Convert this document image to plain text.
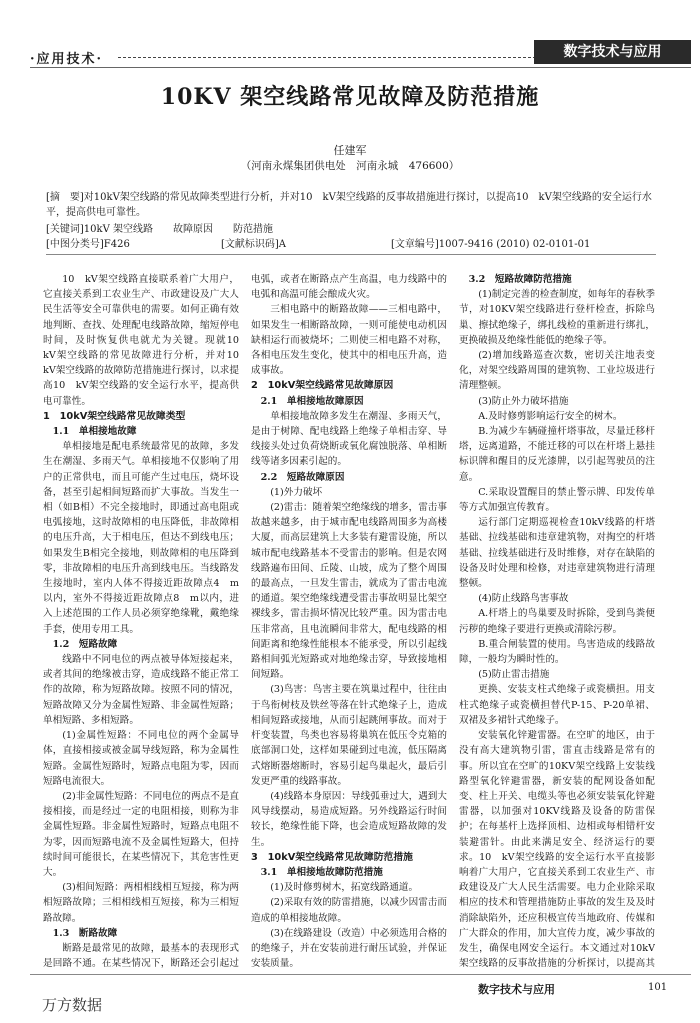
·应用技术·	数字技术与应用
10KV 架空线路常见故障及防范措施
任建军
（河南永煤集团供电处　河南永城　476600）
[摘　要]对10kV架空线路的常见故障类型进行分析，并对10　kV架空线路的反事故措施进行探讨，以提高10　kV架空线路的安全运行水平，提高供电可靠性。
[关键词]10kV 架空线路　　故障原因　　防范措施
[中图分类号]F426	[文献标识码]A	[文章编号]1007-9416 (2010) 02-0101-01

10　kV架空线路直接联系着广大用户，它直接关系到工农业生产、市政建设及广大人民生活等安全可靠供电的需要。如何正确有效地判断、查找、处理配电线路故障，缩短停电时间，及时恢复供电就尤为关键。现就10　kV架空线路的常见故障进行分析，并对10　kV架空线路的故障防范措施进行探讨，以求提高10　kV架空线路的安全运行水平，提高供电可靠性。

1　10kV架空线路常见故障类型
1.1　单相接地故障

单相接地是配电系统最常见的故障，多发生在潮湿、多雨天气。单相接地不仅影响了用户的正常供电，而且可能产生过电压，烧坏设备，甚至引起相间短路而扩大事故。当发生一相（如B相）不完全接地时，即通过高电阻或电弧接地，这时故障相的电压降低，非故障相的电压升高，大于相电压，但达不到线电压；如果发生B相完全接地，则故障相的电压降到零，非故障相的电压升高到线电压。当线路发生接地时，室内人体不得接近距故障点4　m以内，室外不得接近距故障点8　m以内，进入上述范围的工作人员必须穿绝缘靴，戴绝缘手套，使用专用工具。

1.2　短路故障

线路中不同电位的两点被导体短接起来，或者其间的绝缘被击穿，造成线路不能正常工作的故障，称为短路故障。按照不同的情况，短路故障又分为金属性短路、非金属性短路；单相短路、多相短路。

(1)金属性短路：不同电位的两个金属导体，直接相接或被金属导线短路，称为金属性短路。金属性短路时，短路点电阻为零，因而短路电流很大。

(2)非金属性短路：不同电位的两点不是直接相接，而是经过一定的电阻相接，则称为非金属性短路。非金属性短路时，短路点电阻不为零，因而短路电流不及金属性短路大，但持续时间可能很长，在某些情况下，其危害性更大。

(3)相间短路：两相相线相互短接，称为两相短路故障；三相相线相互短接，称为三相短路故障。

1.3　断路故障

断路是最常见的故障，最基本的表现形式是回路不通。在某些情况下，断路还会引起过

电弧，或者在断路点产生高温，电力线路中的电弧和高温可能会酿成火灾。

三相电路中的断路故障——三相电路中，如果发生一相断路故障，一则可能使电动机因缺相运行而被烧坏；二则使三相电路不对称，各相电压发生变化，使其中的相电压升高，造成事故。

2　10kV架空线路常见故障原因
2.1　单相接地故障原因

单相接地故障多发生在潮湿、多雨天气，是由于树障、配电线路上绝缘子单相击穿、导线接头处过负荷烧断或氧化腐蚀脱落、单相断线等诸多因素引起的。

2.2　短路故障原因

(1)外力破坏

(2)雷击：随着架空绝缘线的增多，雷击事故越来越多，由于城市配电线路周围多为高楼大厦，而高层建筑上大多装有避雷设施，所以城市配电线路基本不受雷击的影响。但是农网线路遍布田间、丘陵、山坡，成为了整个周围的最高点，一旦发生雷击，就成为了雷击电流的通道。架空绝缘线遭受雷击事故明显比架空裸线多，雷击损坏情况比较严重。因为雷击电压非常高，且电流瞬间非常大，配电线路的相间距离和绝缘性能根本不能承受，所以引起线路相间弧光短路或对地绝缘击穿，导致接地相间短路。

(3)鸟害：鸟害主要在筑巢过程中，往往由于鸟衔树枝及铁丝等落在针式绝缘子上，造成相间短路或接地，从而引起跳闸事故。而对于杆变装置，鸟类也容易将巢筑在低压令克箱的底部洞口处，这样如果碰到过电流，低压隔离式熔断器熔断时，容易引起鸟巢起火，最后引发更严重的线路事故。

(4)线路本身原因：导线弧垂过大，遇到大风导线摆动，易造成短路。另外线路运行时间较长，绝缘性能下降，也会造成短路故障的发生。

3　10kV架空线路常见故障防范措施
3.1　单相接地故障防范措施

(1)及时修剪树木，拓宽线路通道。

(2)采取有效的防雷措施，以减少因雷击而造成的单相接地故障。

(3)在线路建设（改造）中必须选用合格的的绝缘子，并在安装前进行耐压试验，并保证安装质量。

3.2　短路故障防范措施

(1)制定完善的检查制度，如每年的春秋季节，对10KV架空线路进行登杆检查，拆除鸟巢、擦拭绝缘子，绑扎线检的重新进行绑扎，更换破损及绝缘性能低的绝缘子等。

(2)增加线路巡查次数，密切关注地表变化，对架空线路周围的建筑物、工业垃圾进行清理整顿。

(3)防止外力破坏措施

A.及时修剪影响运行安全的树木。

B.为减少车辆碰撞杆塔事故，尽量迁移杆塔，远离道路，不能迁移的可以在杆塔上悬挂标识牌和醒目的反光漆牌，以引起驾驶员的注意。

C.采取设置醒目的禁止警示牌、印发传单等方式加强宣传教育。

运行部门定期巡视检查10kV线路的杆塔基础、拉线基础和违章建筑物，对掏空的杆塔基础、拉线基础进行及时维修，对存在缺陷的设备及时处理和检修，对违章建筑物进行清理整顿。

(4)防止线路鸟害事故

A.杆塔上的鸟巢要及时拆除，受到鸟粪便污秽的绝缘子要进行更换或清除污秽。

B.重合闸装置的使用。鸟害造成的线路故障，一般均为瞬时性的。

(5)防止雷击措施

更换、安装支柱式绝缘子或瓷横担。用支柱式绝缘子或瓷横担替代P-15、P-20单裙、双裙及多裙针式绝缘子。

安装氧化锌避雷器。在空旷的地区，由于没有高大建筑物引雷，雷直击线路是常有的事。所以宜在空旷的10KV架空线路上安装线路型氧化锌避雷器，新安装的配网设备如配变、柱上开关、电缆头等也必须安装氧化锌避雷器，以加强对10KV线路及设备的防雷保护；在每基杆上选择顶相、边相或每相错杆安装避雷针。由此来满足安全、经济运行的要求。10　kV架空线路的安全运行水平直接影响着广大用户，它直接关系到工农业生产、市政建设及广大人民生活需要。电力企业除采取相应的技术和管理措施防止事故的发生及及时消除缺陷外，还应积极宣传当地政府、传媒和广大群众的作用，加大宣传力度，减少事故的发生，确保电网安全运行。本文通过对10kV架空线路的反事故措施的分析探讨，以提高其

数字技术与应用	101
万方数据
